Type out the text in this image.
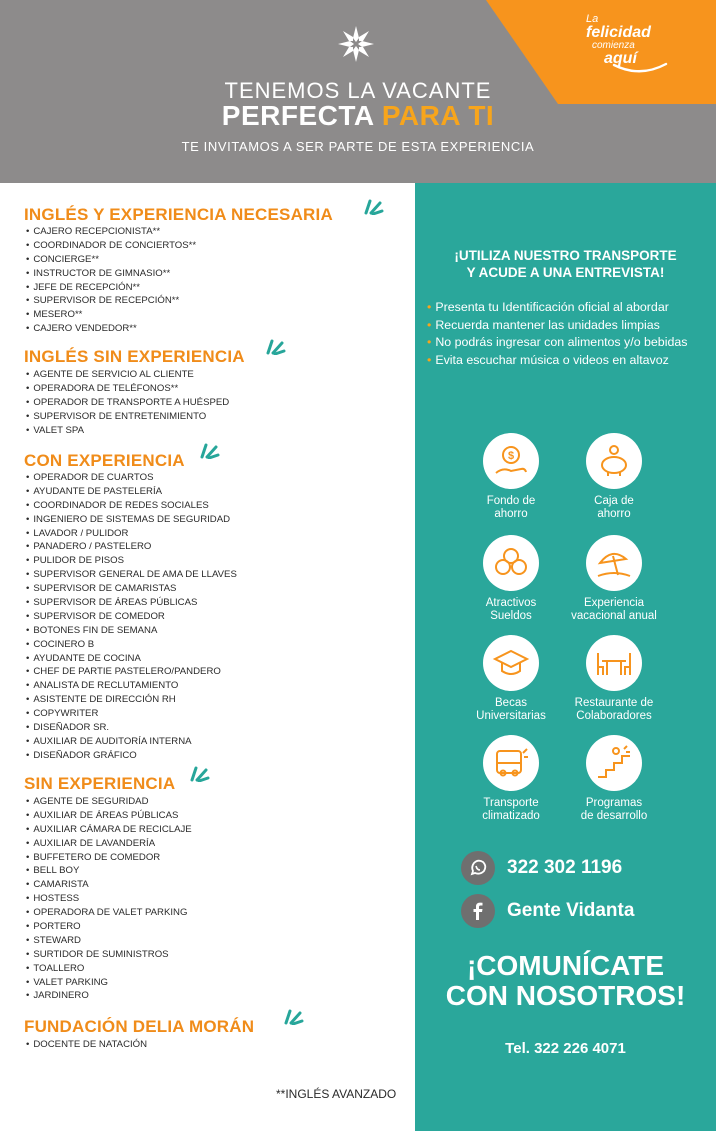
TENEMOS LA VACANTE
PERFECTA PARA TI
TE INVITAMOS A SER PARTE DE ESTA EXPERIENCIA
La
felicidad
comienza
aquí
INGLÉS Y EXPERIENCIA NECESARIA
• CAJERO RECEPCIONISTA**
• COORDINADOR DE CONCIERTOS**
• CONCIERGE**
• INSTRUCTOR DE GIMNASIO**
• JEFE DE RECEPCIÓN**
• SUPERVISOR DE RECEPCIÓN**
• MESERO**
• CAJERO VENDEDOR**
INGLÉS SIN EXPERIENCIA
• AGENTE DE SERVICIO AL CLIENTE
• OPERADORA DE TELÉFONOS**
• OPERADOR DE TRANSPORTE A HUÉSPED
• SUPERVISOR DE ENTRETENIMIENTO
• VALET SPA
CON EXPERIENCIA
• OPERADOR DE CUARTOS
• AYUDANTE DE PASTELERÍA
• COORDINADOR DE REDES SOCIALES
• INGENIERO DE SISTEMAS DE SEGURIDAD
• LAVADOR / PULIDOR
• PANADERO / PASTELERO
• PULIDOR DE PISOS
• SUPERVISOR GENERAL DE AMA DE LLAVES
• SUPERVISOR DE CAMARISTAS
• SUPERVISOR DE ÁREAS PÚBLICAS
• SUPERVISOR DE COMEDOR
• BOTONES FIN DE SEMANA
• COCINERO B
• AYUDANTE DE COCINA
• CHEF DE PARTIE PASTELERO/PANDERO
• ANALISTA DE RECLUTAMIENTO
• ASISTENTE DE DIRECCIÓN RH
• COPYWRITER
• DISEÑADOR SR.
• AUXILIAR DE AUDITORÍA INTERNA
• DISEÑADOR GRÁFICO
SIN EXPERIENCIA
• AGENTE DE SEGURIDAD
• AUXILIAR DE ÁREAS PÚBLICAS
• AUXILIAR CÁMARA DE RECICLAJE
• AUXILIAR DE LAVANDERÍA
• BUFFETERO DE COMEDOR
• BELL BOY
• CAMARISTA
• HOSTESS
• OPERADORA DE VALET PARKING
• PORTERO
• STEWARD
• SURTIDOR DE SUMINISTROS
• TOALLERO
• VALET PARKING
• JARDINERO
FUNDACIÓN DELIA MORÁN
• DOCENTE DE NATACIÓN
**INGLÉS AVANZADO
¡UTILIZA NUESTRO TRANSPORTE
Y ACUDE A UNA ENTREVISTA!
• Presenta tu Identificación oficial al abordar
• Recuerda mantener las unidades limpias
• No podrás ingresar con alimentos y/o bebidas
• Evita escuchar música o videos en altavoz
$
Fondo de
ahorro
Caja de
ahorro
Atractivos
Sueldos
Experiencia
vacacional anual
Becas
Universitarias
Restaurante de
Colaboradores
Transporte
climatizado
Programas
de desarrollo
322 302 1196
Gente Vidanta
¡COMUNÍCATE
CON NOSOTROS!
Tel. 322 226 4071
